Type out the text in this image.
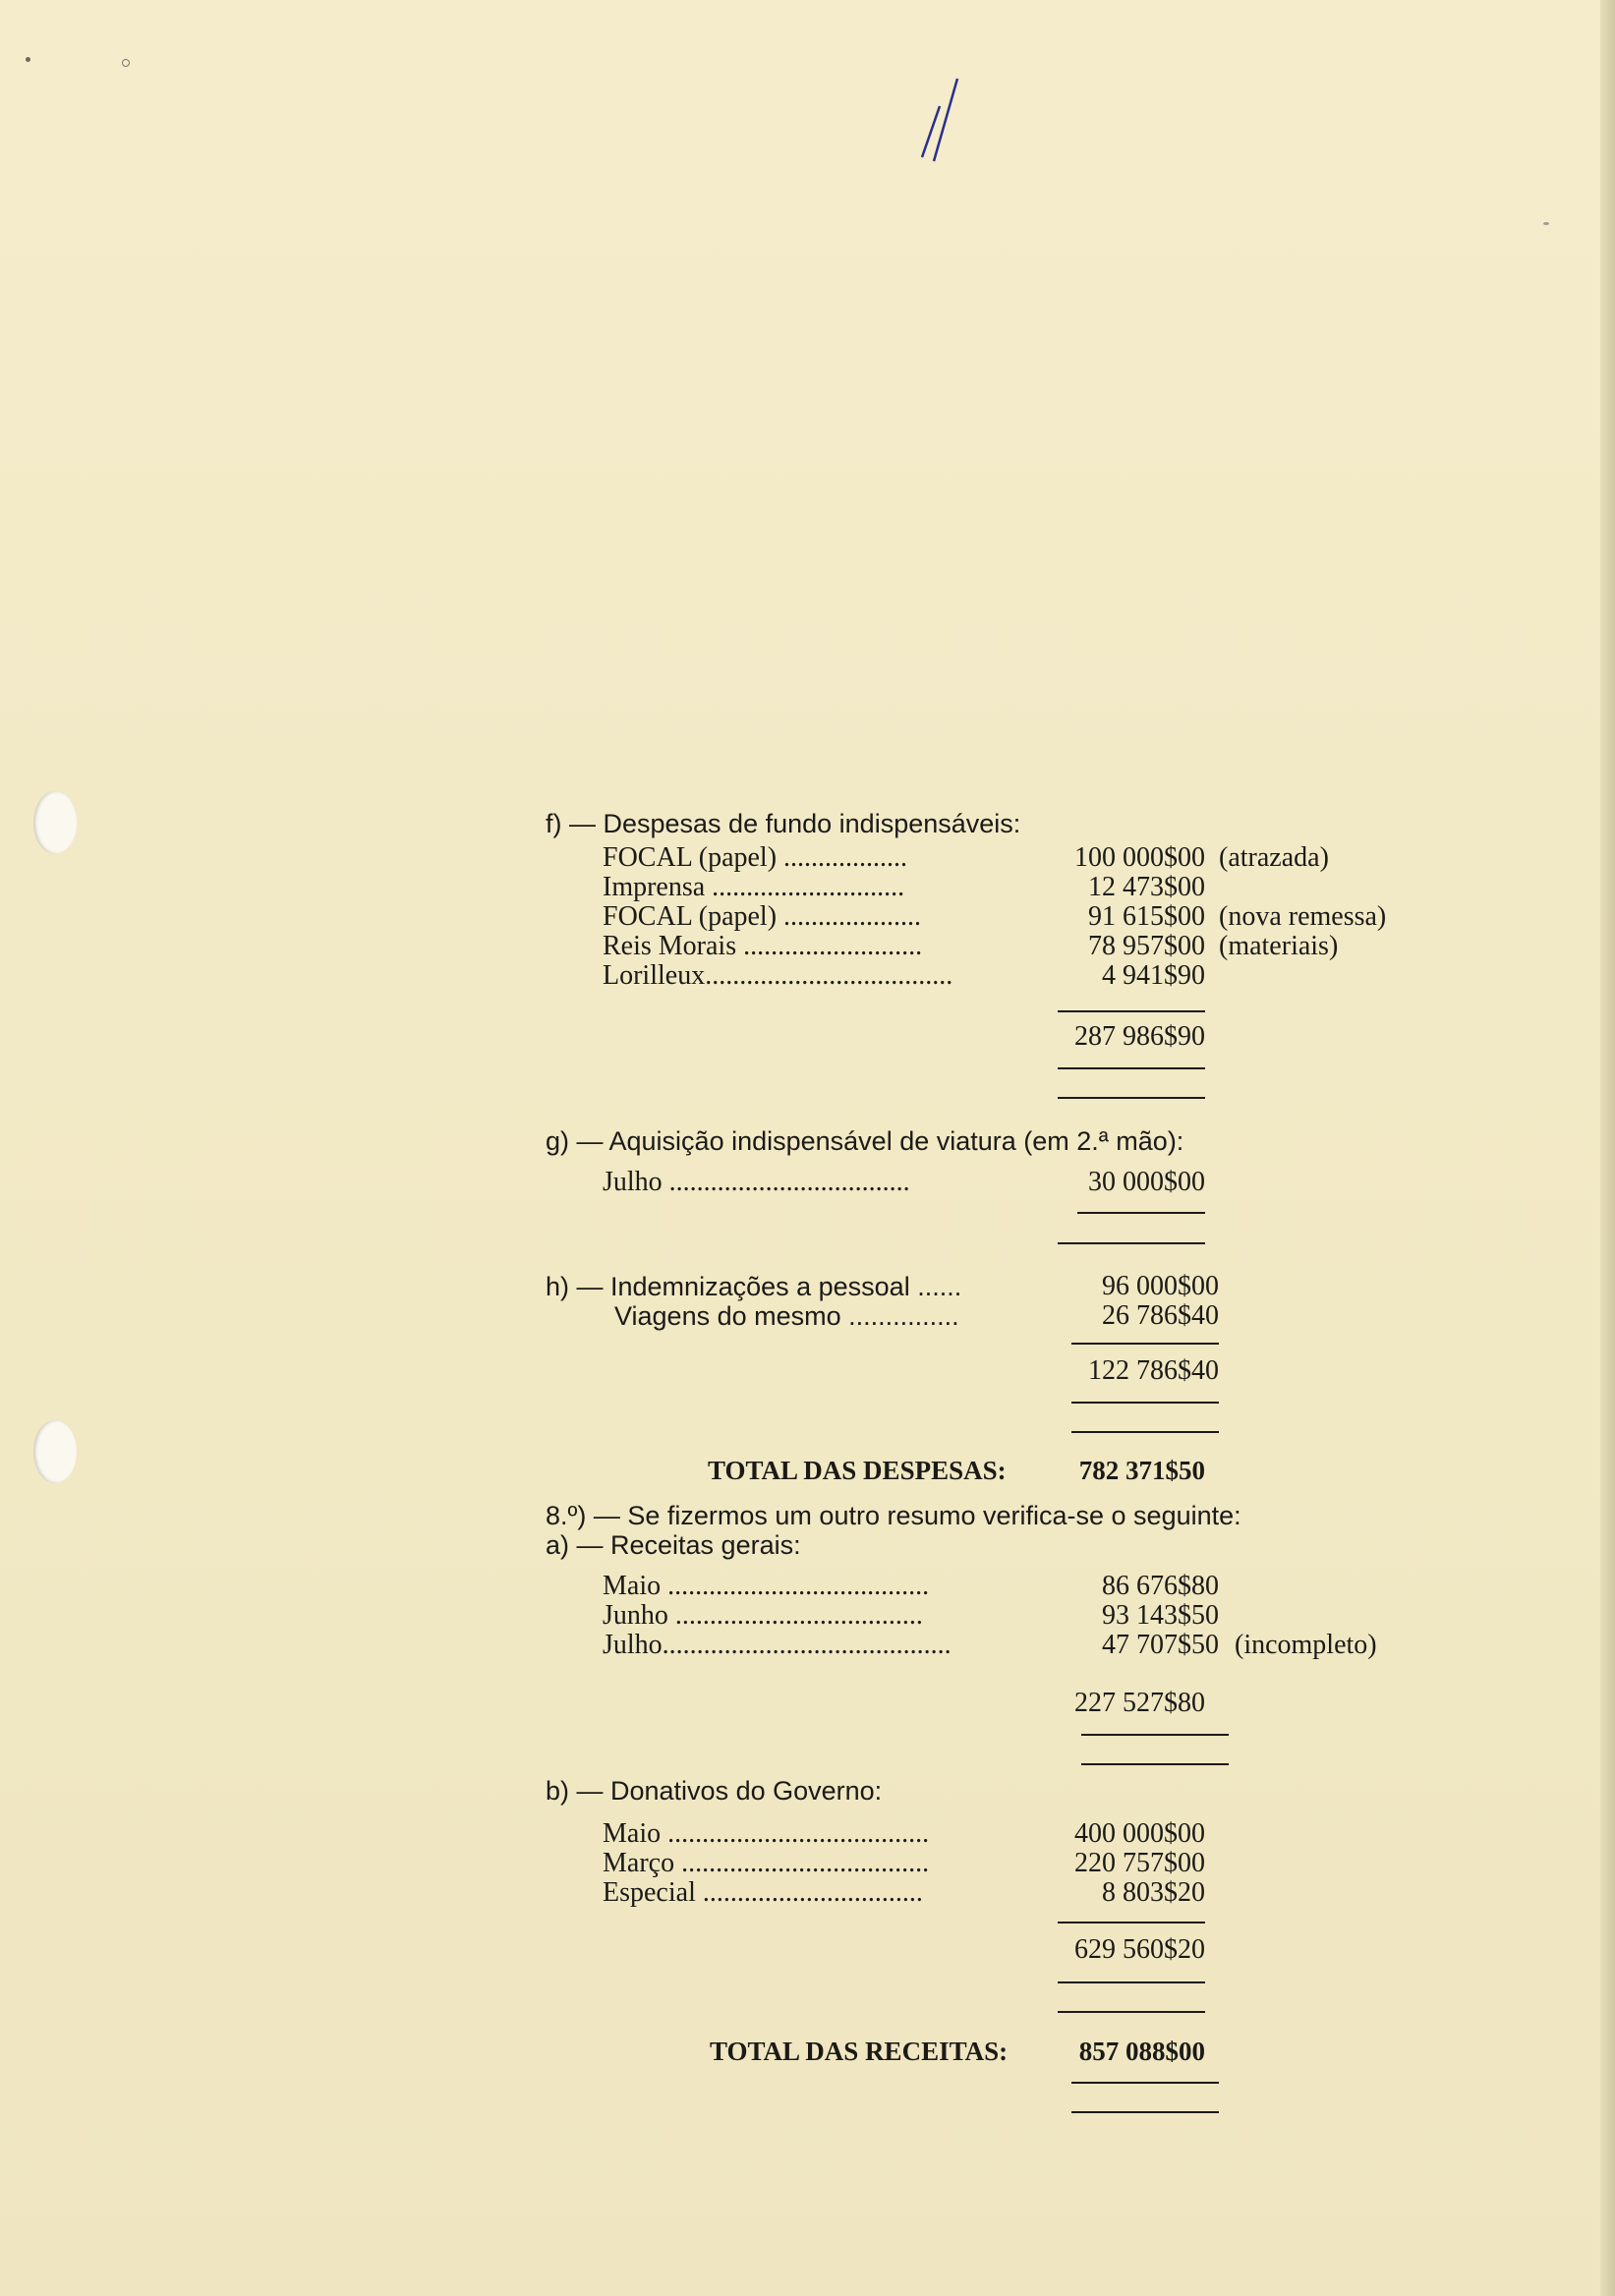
f) — Despesas de fundo indispensáveis:
FOCAL (papel) ..................	100 000$00 (atrazada)
Imprensa ............................	12 473$00
FOCAL (papel) ....................	91 615$00 (nova remessa)
Reis Morais ..........................	78 957$00 (materiais)
Lorilleux....................................	4 941$90
287 986$90
g) — Aquisição indispensável de viatura (em 2.ª mão):
Julho ...................................	30 000$00
h) — Indemnizações a pessoal ......	96 000$00
Viagens do mesmo ...............	26 786$40
122 786$40
TOTAL DAS DESPESAS:	782 371$50
8.º) — Se fizermos um outro resumo verifica-se o seguinte:
a) — Receitas gerais:
Maio ......................................	86 676$80
Junho ....................................	93 143$50
Julho..........................................	47 707$50 (incompleto)
227 527$80
b) — Donativos do Governo:
Maio ......................................	400 000$00
Março ....................................	220 757$00
Especial ................................	8 803$20
629 560$20
TOTAL DAS RECEITAS:	857 088$00
